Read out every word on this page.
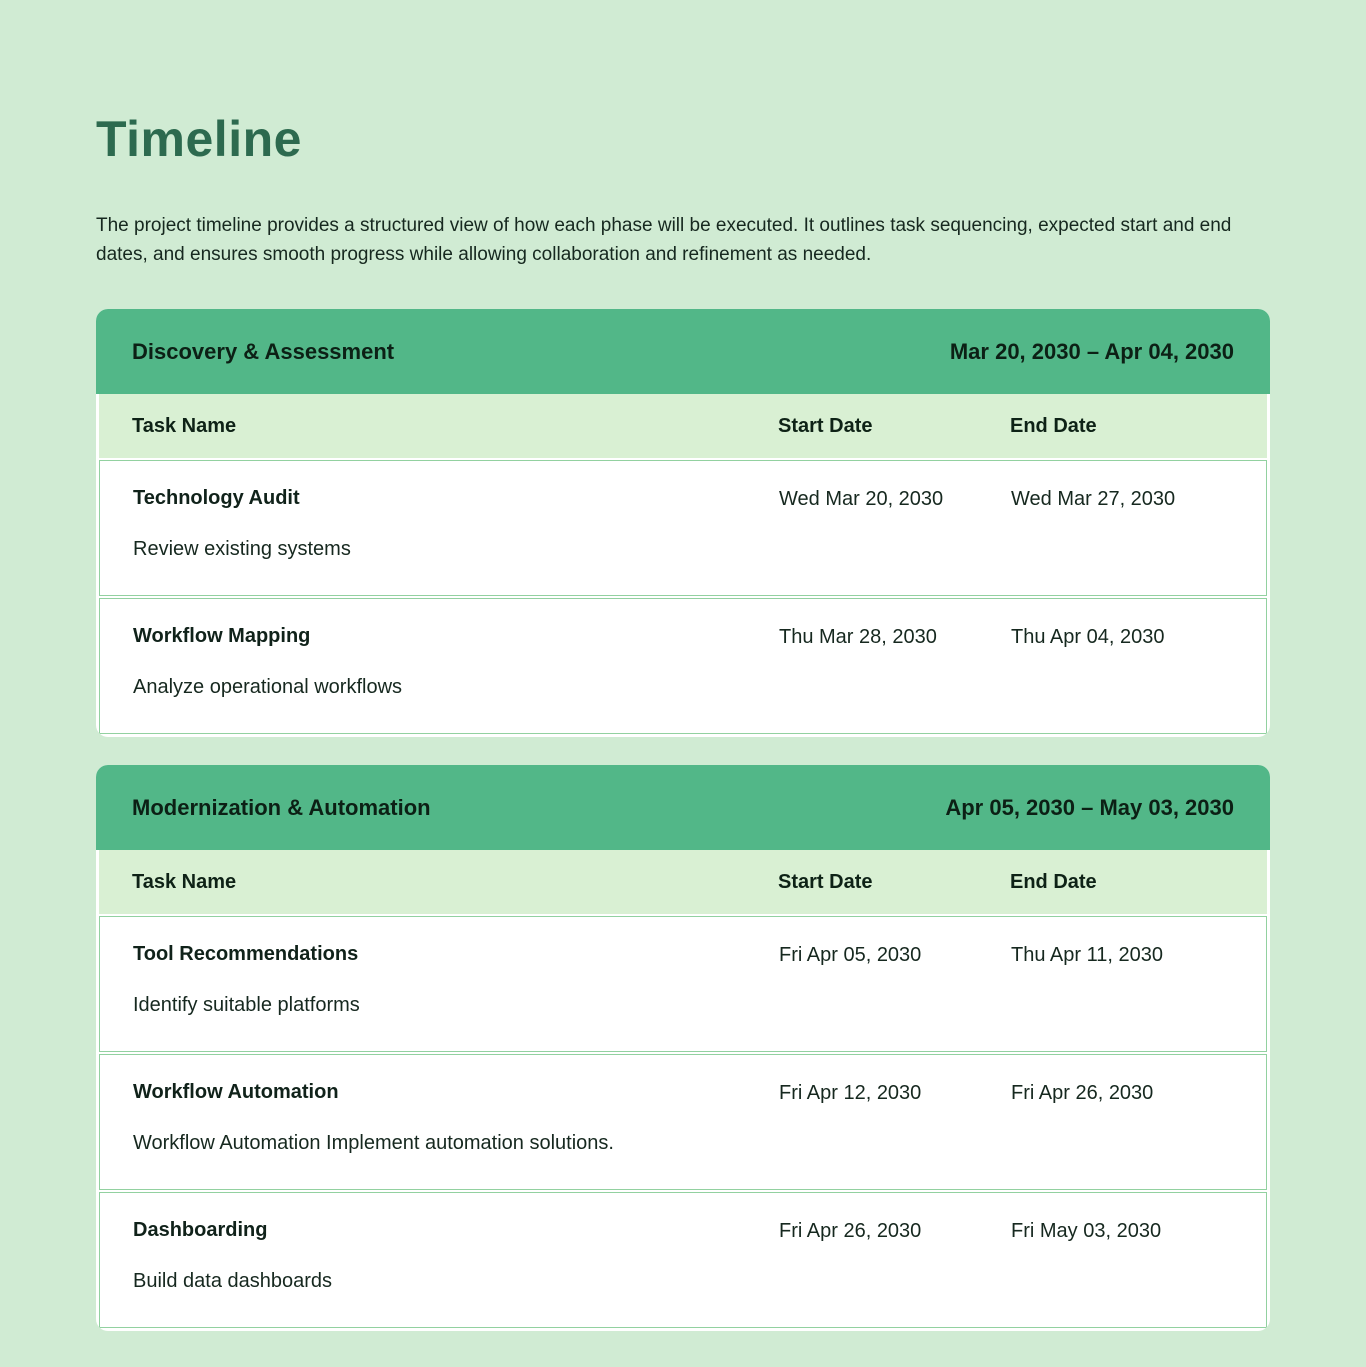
Timeline

The project timeline provides a structured view of how each phase will be executed. It outlines task sequencing, expected start and end dates, and ensures smooth progress while allowing collaboration and refinement as needed.

Discovery & Assessment	Mar 20, 2030 – Apr 04, 2030
Task Name	Start Date	End Date
Technology Audit
Review existing systems
Wed Mar 20, 2030	Wed Mar 27, 2030
Workflow Mapping
Analyze operational workflows
Thu Mar 28, 2030	Thu Apr 04, 2030
Modernization & Automation	Apr 05, 2030 – May 03, 2030
Task Name	Start Date	End Date
Tool Recommendations
Identify suitable platforms
Fri Apr 05, 2030	Thu Apr 11, 2030
Workflow Automation
Workflow Automation Implement automation solutions.
Fri Apr 12, 2030	Fri Apr 26, 2030
Dashboarding
Build data dashboards
Fri Apr 26, 2030	Fri May 03, 2030
